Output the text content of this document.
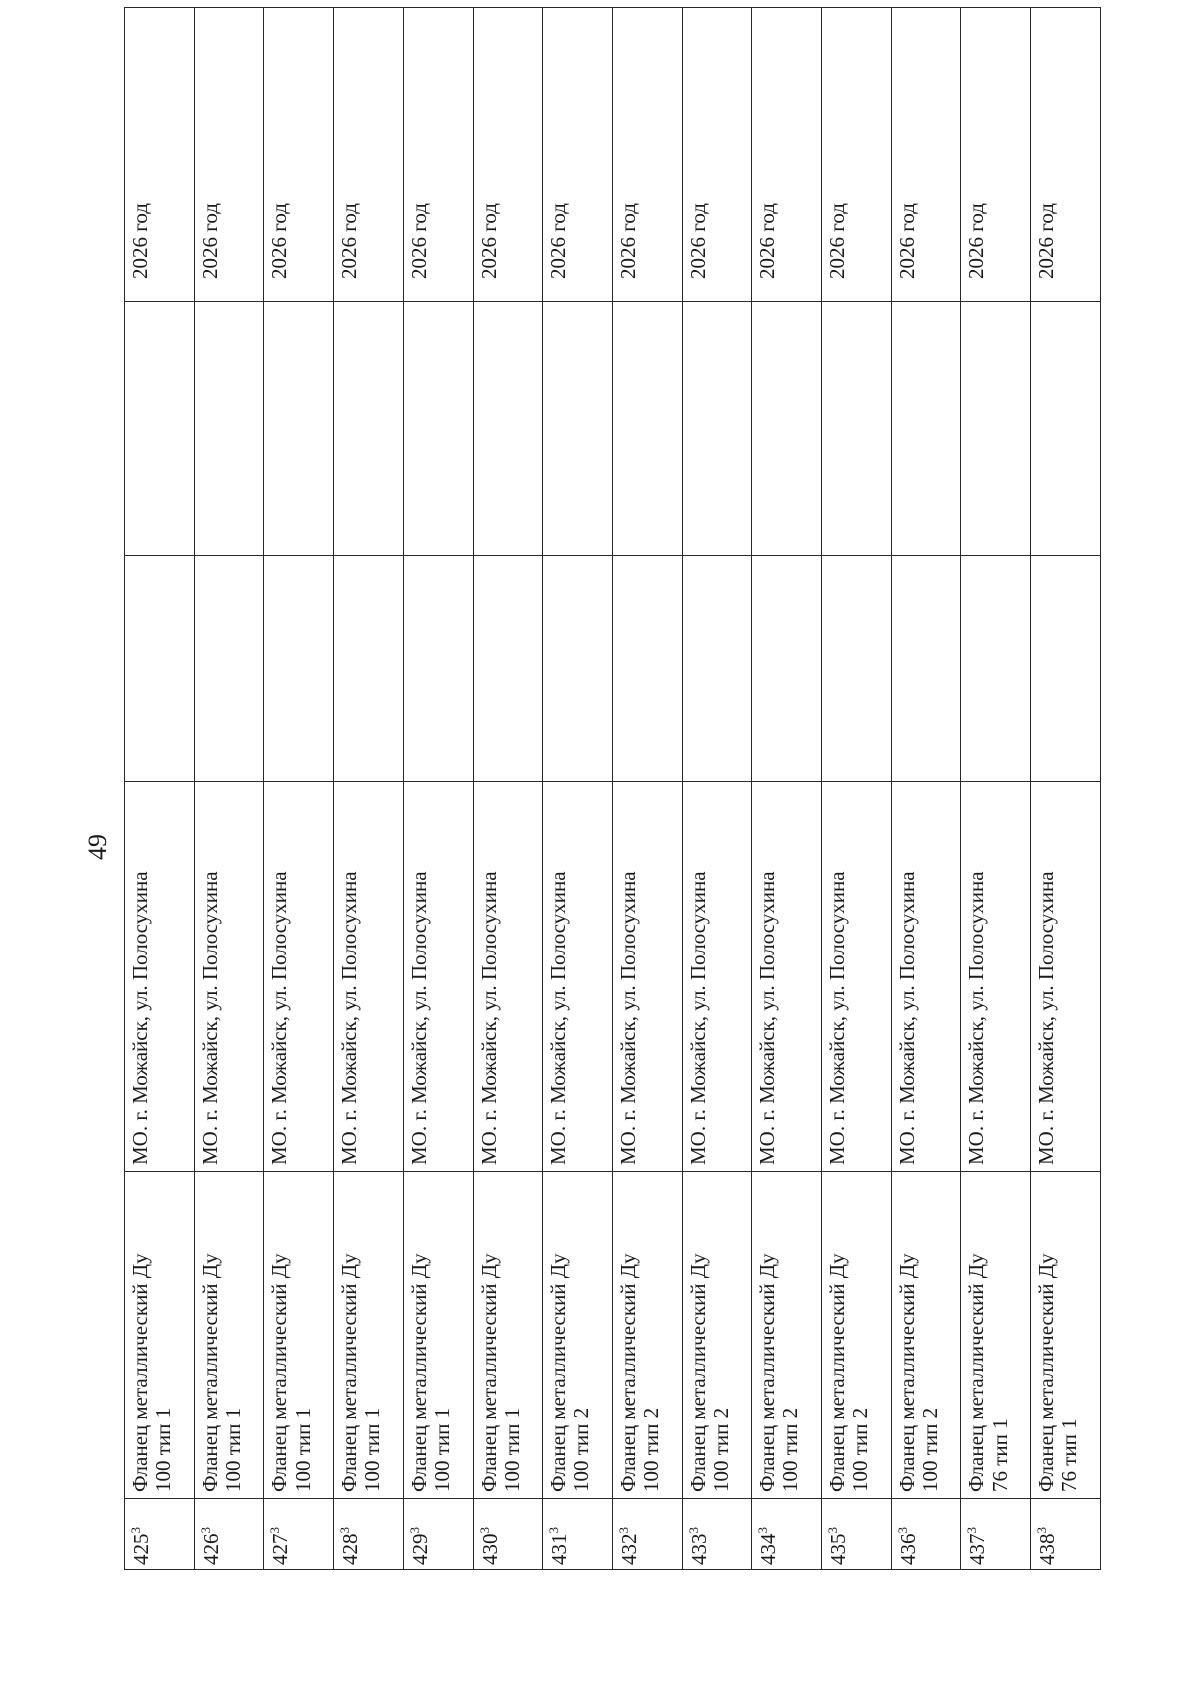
49
$425^3$	Фланец металлический Ду
100 тип 1	МО. г. Можайск, ул. Полосухина			2026 год
$426^3$	Фланец металлический Ду
100 тип 1	МО. г. Можайск, ул. Полосухина			2026 год
$427^3$	Фланец металлический Ду
100 тип 1	МО. г. Можайск, ул. Полосухина			2026 год
$428^3$	Фланец металлический Ду
100 тип 1	МО. г. Можайск, ул. Полосухина			2026 год
$429^3$	Фланец металлический Ду
100 тип 1	МО. г. Можайск, ул. Полосухина			2026 год
$430^3$	Фланец металлический Ду
100 тип 1	МО. г. Можайск, ул. Полосухина			2026 год
$431^3$	Фланец металлический Ду
100 тип 2	МО. г. Можайск, ул. Полосухина			2026 год
$432^3$	Фланец металлический Ду
100 тип 2	МО. г. Можайск, ул. Полосухина			2026 год
$433^3$	Фланец металлический Ду
100 тип 2	МО. г. Можайск, ул. Полосухина			2026 год
$434^3$	Фланец металлический Ду
100 тип 2	МО. г. Можайск, ул. Полосухина			2026 год
$435^3$	Фланец металлический Ду
100 тип 2	МО. г. Можайск, ул. Полосухина			2026 год
$436^3$	Фланец металлический Ду
100 тип 2	МО. г. Можайск, ул. Полосухина			2026 год
$437^3$	Фланец металлический Ду
76 тип 1	МО. г. Можайск, ул. Полосухина			2026 год
$438^3$	Фланец металлический Ду
76 тип 1	МО. г. Можайск, ул. Полосухина			2026 год
